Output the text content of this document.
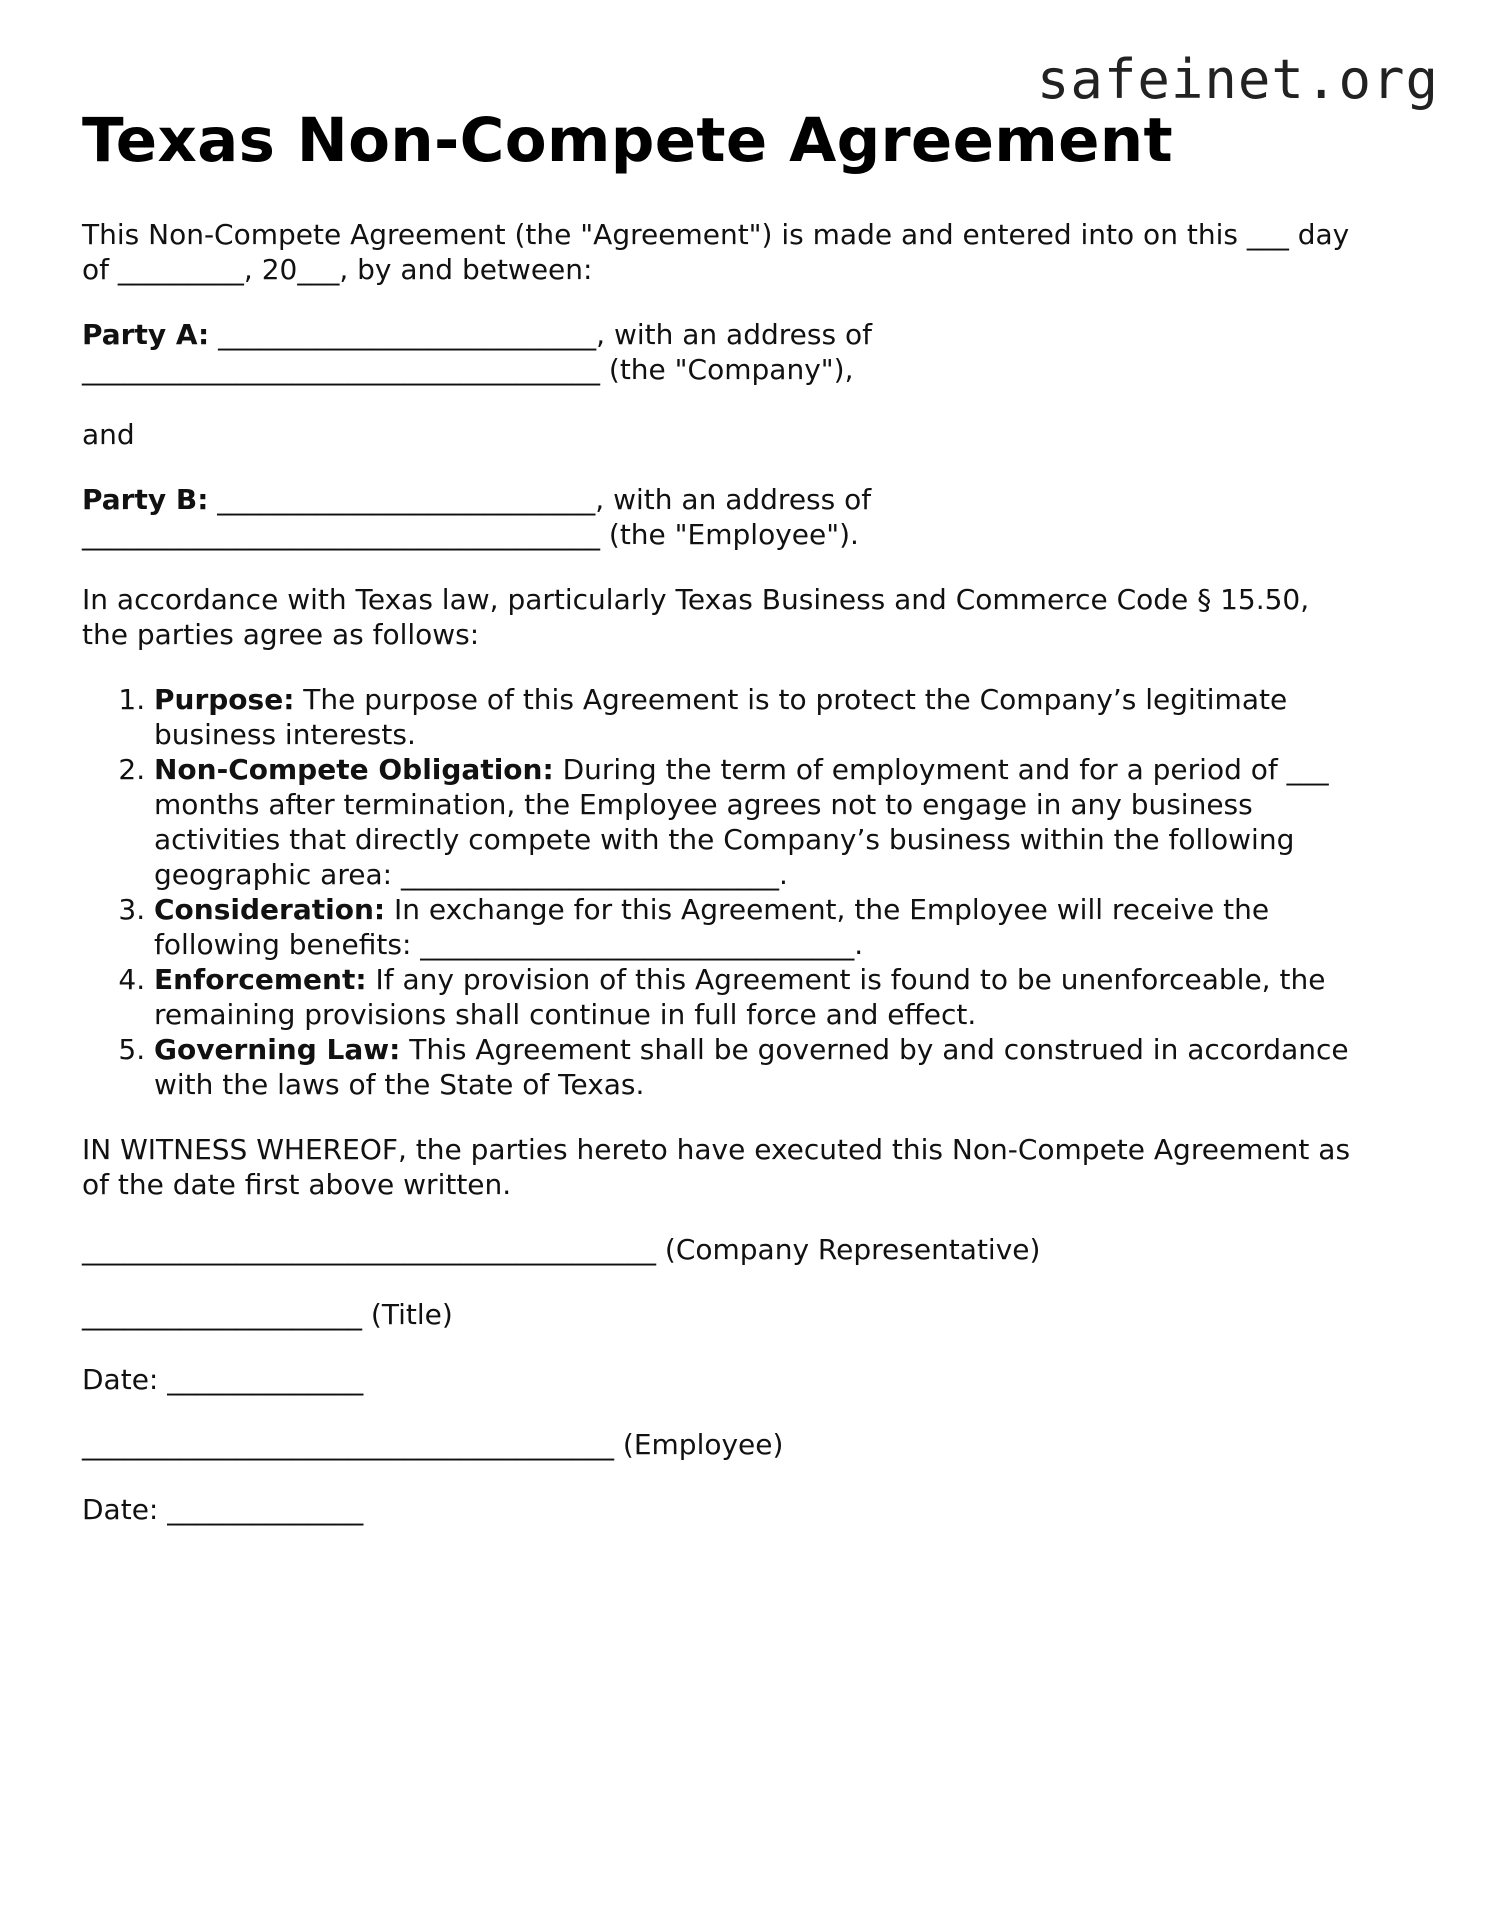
safeinet.org
Texas Non-Compete Agreement

This Non-Compete Agreement (the "Agreement") is made and entered into on this ___ day
of _________, 20___, by and between:

Party A: ___________________________, with an address of
_____________________________________ (the "Company"),

and

Party B: ___________________________, with an address of
_____________________________________ (the "Employee").

In accordance with Texas law, particularly Texas Business and Commerce Code § 15.50,
the parties agree as follows:

1. Purpose: The purpose of this Agreement is to protect the Company’s legitimate
business interests.
2. Non-Compete Obligation: During the term of employment and for a period of ___
months after termination, the Employee agrees not to engage in any business
activities that directly compete with the Company’s business within the following
geographic area: ___________________________.
3. Consideration: In exchange for this Agreement, the Employee will receive the
following benefits: _______________________________.
4. Enforcement: If any provision of this Agreement is found to be unenforceable, the
remaining provisions shall continue in full force and effect.
5. Governing Law: This Agreement shall be governed by and construed in accordance
with the laws of the State of Texas.

IN WITNESS WHEREOF, the parties hereto have executed this Non-Compete Agreement as
of the date first above written.

_________________________________________ (Company Representative)

____________________ (Title)

Date: ______________

______________________________________ (Employee)

Date: ______________
